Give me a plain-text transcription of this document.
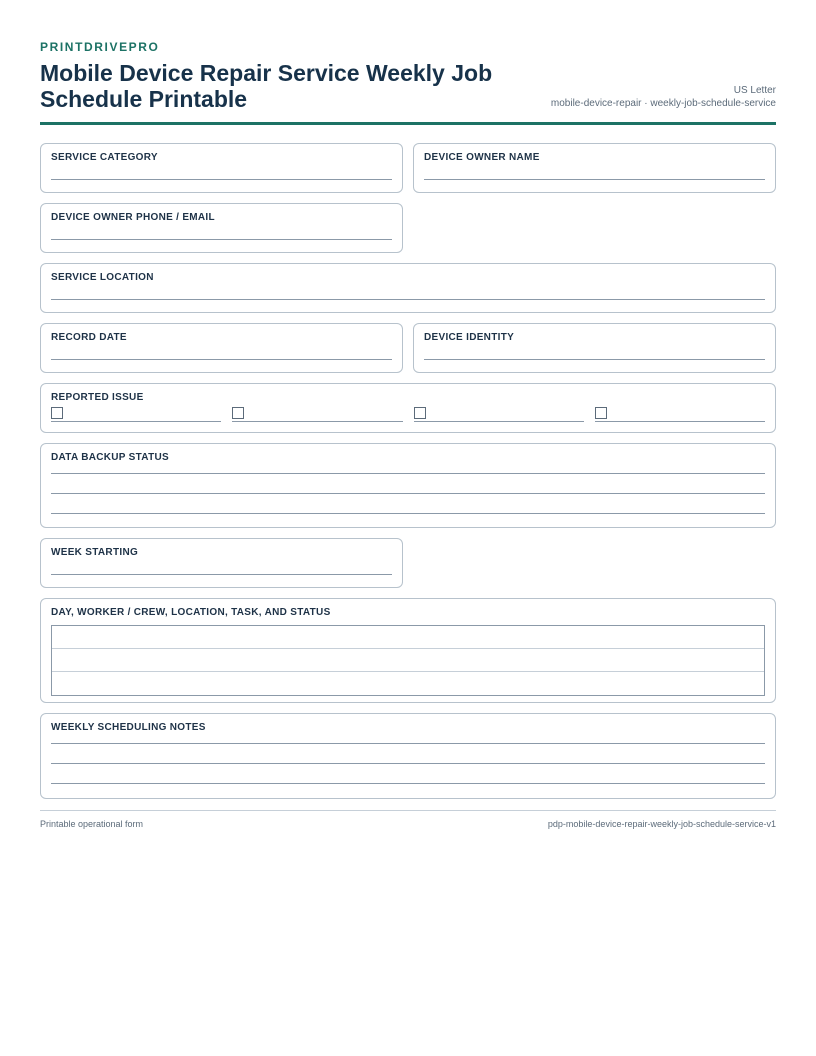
PRINTDRIVEPRO
Mobile Device Repair Service Weekly Job Schedule Printable	US Letter
mobile-device-repair · weekly-job-schedule-service
SERVICE CATEGORY	DEVICE OWNER NAME
DEVICE OWNER PHONE / EMAIL
SERVICE LOCATION
RECORD DATE	DEVICE IDENTITY
REPORTED ISSUE
DATA BACKUP STATUS
WEEK STARTING
DAY, WORKER / CREW, LOCATION, TASK, AND STATUS
WEEKLY SCHEDULING NOTES
Printable operational form	pdp-mobile-device-repair-weekly-job-schedule-service-v1
